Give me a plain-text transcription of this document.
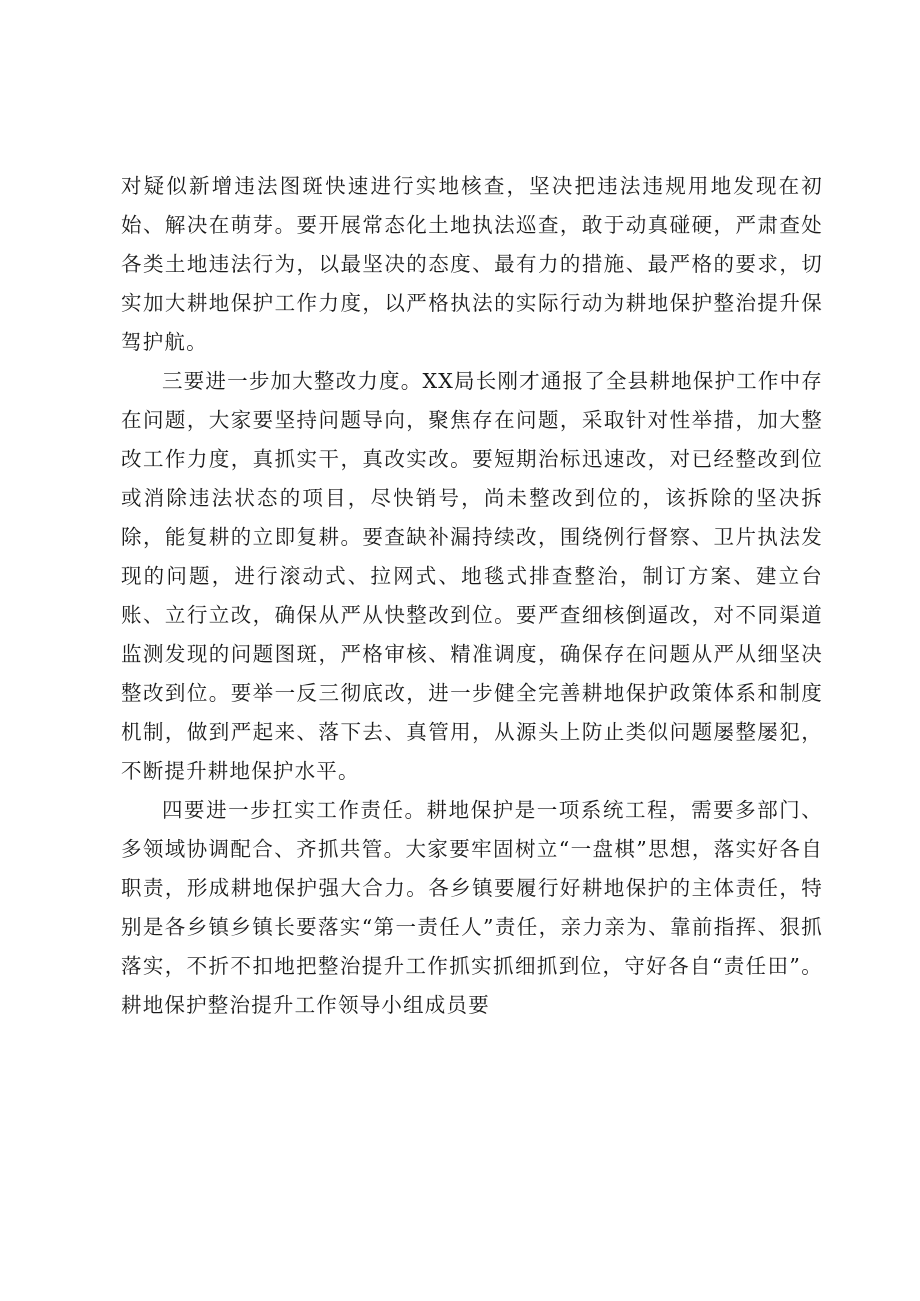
对疑似新增违法图斑快速进行实地核查，坚决把违法违规用地发现在初始、解决在萌芽。要开展常态化土地执法巡查，敢于动真碰硬，严肃查处各类土地违法行为，以最坚决的态度、最有力的措施、最严格的要求，切实加大耕地保护工作力度，以严格执法的实际行动为耕地保护整治提升保驾护航。

三要进一步加大整改力度。XX局长刚才通报了全县耕地保护工作中存在问题，大家要坚持问题导向，聚焦存在问题，采取针对性举措，加大整改工作力度，真抓实干，真改实改。要短期治标迅速改，对已经整改到位或消除违法状态的项目，尽快销号，尚未整改到位的，该拆除的坚决拆除，能复耕的立即复耕。要查缺补漏持续改，围绕例行督察、卫片执法发现的问题，进行滚动式、拉网式、地毯式排查整治，制订方案、建立台账、立行立改，确保从严从快整改到位。要严查细核倒逼改，对不同渠道监测发现的问题图斑，严格审核、精准调度，确保存在问题从严从细坚决整改到位。要举一反三彻底改，进一步健全完善耕地保护政策体系和制度机制，做到严起来、落下去、真管用，从源头上防止类似问题屡整屡犯，不断提升耕地保护水平。

四要进一步扛实工作责任。耕地保护是一项系统工程，需要多部门、多领域协调配合、齐抓共管。大家要牢固树立“一盘棋”思想，落实好各自职责，形成耕地保护强大合力。各乡镇要履行好耕地保护的主体责任，特别是各乡镇乡镇长要落实“第一责任人”责任，亲力亲为、靠前指挥、狠抓落实，不折不扣地把整治提升工作抓实抓细抓到位，守好各自“责任田”。耕地保护整治提升工作领导小组成员要
